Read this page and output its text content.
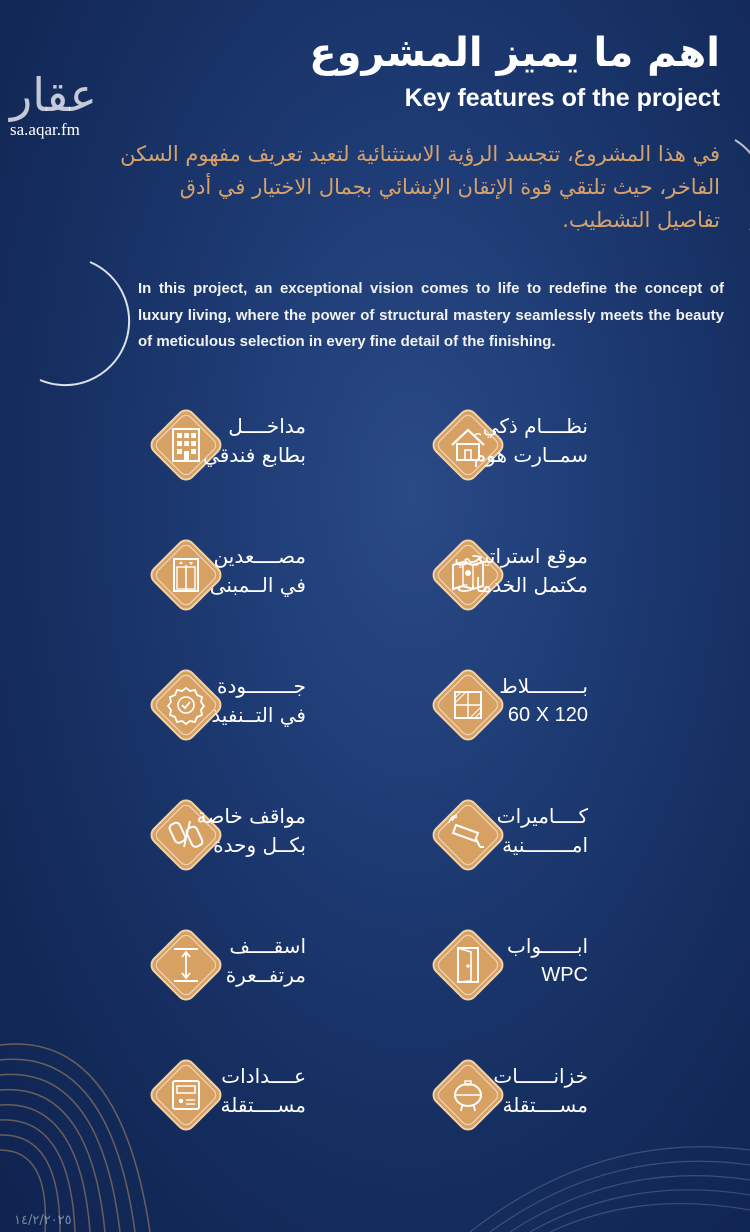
عقار
sa.aqar.fm
اهم ما يميز المشروع
Key features of the project
في هذا المشروع، تتجسد الرؤية الاستثنائية لتعيد تعريف مفهوم السكن الفاخر، حيث تلتقي قوة الإتقان الإنشائي بجمال الاختيار في أدق تفاصيل التشطيب.
In this project, an exceptional vision comes to life to redefine the concept of luxury living, where the power of structural mastery seamlessly meets the beauty of meticulous selection in every fine detail of the finishing.
مداخــــل
بطابع فندقي
نظــــام ذكي
سمــارت هوم
مصــــعدين
في الــمبنى
موقع استراتيجي
مكتمل الخدمات
جــــــــودة
في التــنفيذ
بـــــــــلاط
60 X 120
مواقف خاصة
بكــل وحدة
كــــاميرات
امــــــــنية
اسقــــف
مرتفــعرة
ابــــــواب
WPC
عــــدادات
مســــتقلة
خزانــــــات
مســــتقلة
١٤/٢/٢٠٢٥
